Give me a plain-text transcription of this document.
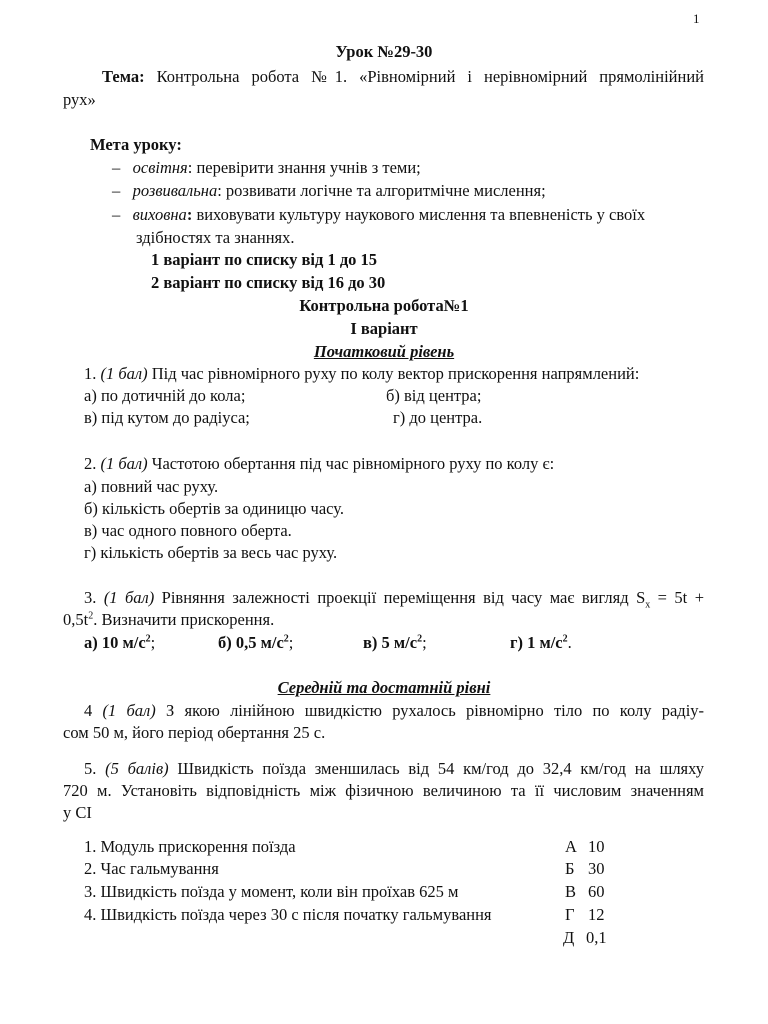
1
Урок №29-30
Тема: Контрольна робота №1. «Рівномірний і нерівномірний прямолінійний
рух»
Мета уроку:
– освітня: перевірити знання учнів з теми;
– розвивальна: розвивати логічне та алгоритмічне мислення;
– виховна: виховувати культуру наукового мислення та впевненість у своїх
здібностях та знаннях.
1 варіант по списку від 1 до 15
2 варіант по списку від 16 до 30
Контрольна робота№1
І варіант
Початковий рівень
1. (1 бал) Під час рівномірного руху по колу вектор прискорення напрямлений:
а) по дотичній до кола;	б) від центра;
в) під кутом до радіуса;	г) до центра.
2. (1 бал) Частотою обертання під час рівномірного руху по колу є:
а) повний час руху.
б) кількість обертів за одиницю часу.
в) час одного повного оберта.
г) кількість обертів за весь час руху.
3. (1 бал) Рівняння залежності проекції переміщення від часу має вигляд $S_x = 5t$ +
$0,5t^2$. Визначити прискорення.
а) 10 $м/с^2$;	б) 0,5 $м/с^2$;	в) 5 $м/с^2$;	г) 1 $м/с^2$.
Середній та достатній рівні
4 (1 бал) З якою лінійною швидкістю рухалось рівномірно тіло по колу радіу-
сом 50 м, його період обертання 25 с.
5. (5 балів) Швидкість поїзда зменшилась від 54 км/год до 32,4 км/год на шляху
720 м. Установіть відповідність між фізичною величиною та її числовим значенням
у СІ
1. Модуль прискорення поїзда	А 10
2. Час гальмування	Б 30
3. Швидкість поїзда у момент, коли він проїхав 625 м	В 60
4. Швидкість поїзда через 30 с після початку гальмування	Г 12
Д 0,1
